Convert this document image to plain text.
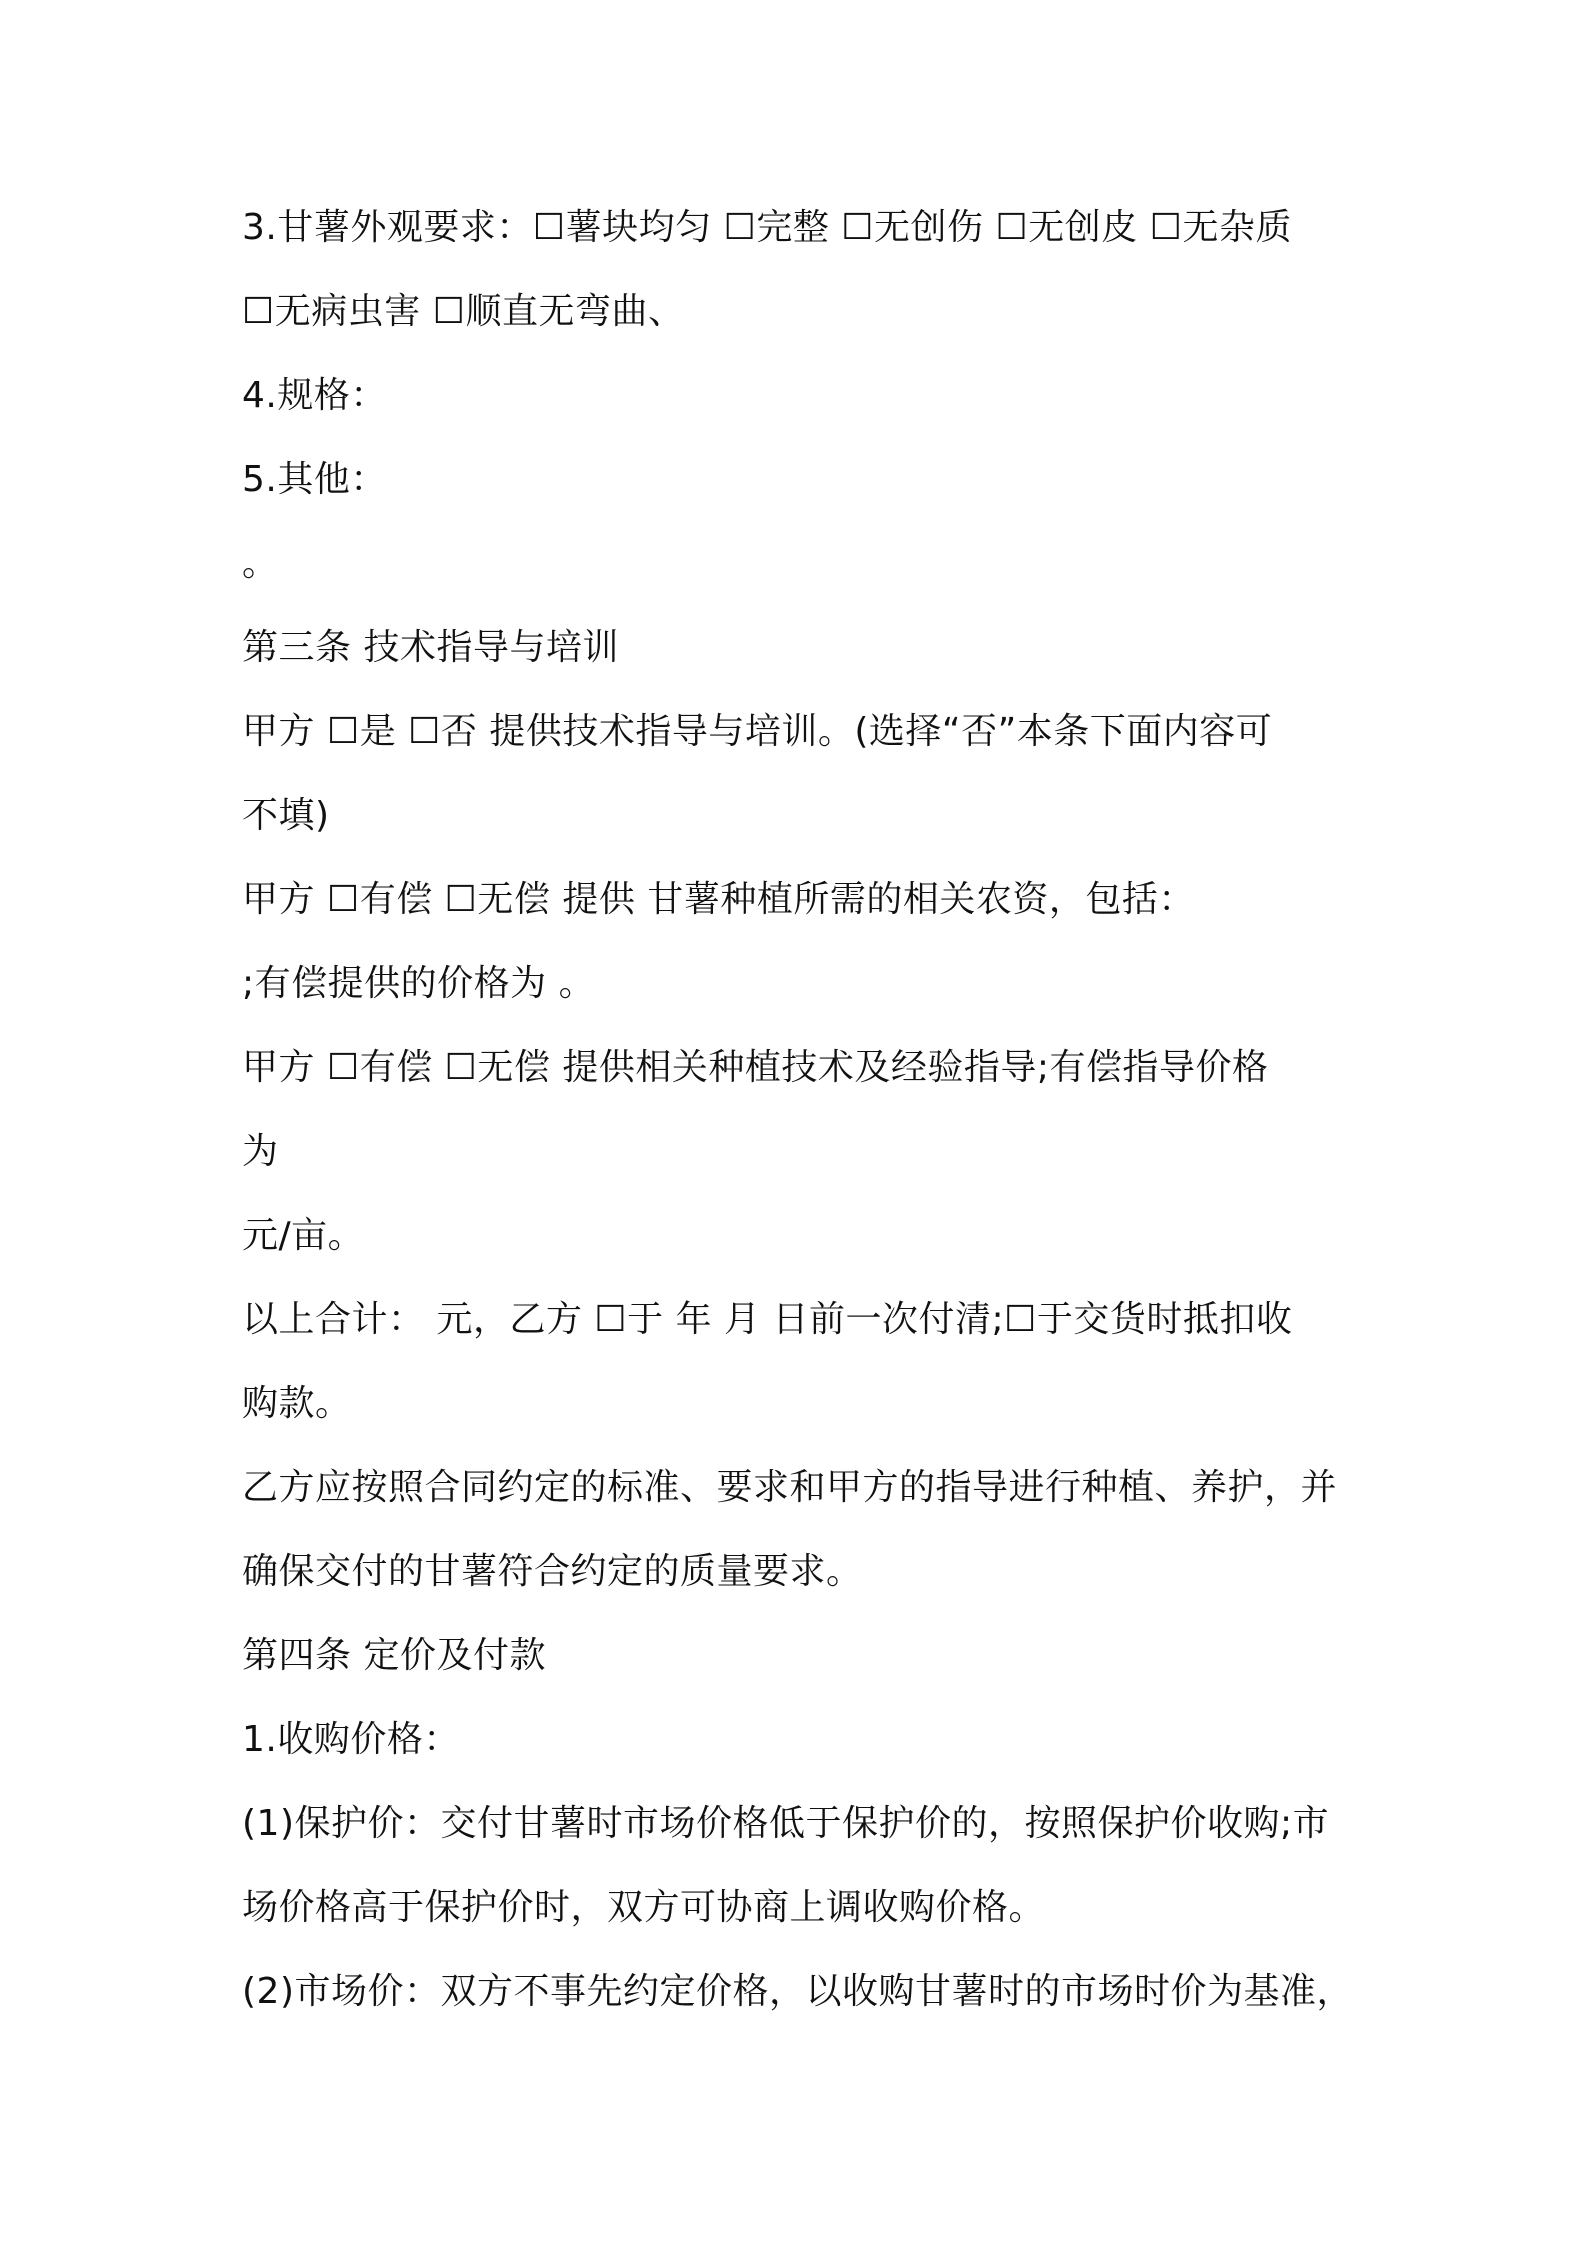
3.甘薯外观要求：☐薯块均匀 ☐完整 ☐无创伤 ☐无创皮 ☐无杂质
☐无病虫害 ☐顺直无弯曲、
4.规格：
5.其他：
。
第三条 技术指导与培训
甲方 ☐是 ☐否 提供技术指导与培训。(选择“否”本条下面内容可
不填)
甲方 ☐有偿 ☐无偿 提供 甘薯种植所需的相关农资，包括：
;有偿提供的价格为 。
甲方 ☐有偿 ☐无偿 提供相关种植技术及经验指导;有偿指导价格
为
元/亩。
以上合计： 元，乙方 ☐于 年 月 日前一次付清;☐于交货时抵扣收
购款。
乙方应按照合同约定的标准、要求和甲方的指导进行种植、养护，并
确保交付的甘薯符合约定的质量要求。
第四条 定价及付款
1.收购价格：
(1)保护价：交付甘薯时市场价格低于保护价的，按照保护价收购;市
场价格高于保护价时，双方可协商上调收购价格。
(2)市场价：双方不事先约定价格，以收购甘薯时的市场时价为基准，
